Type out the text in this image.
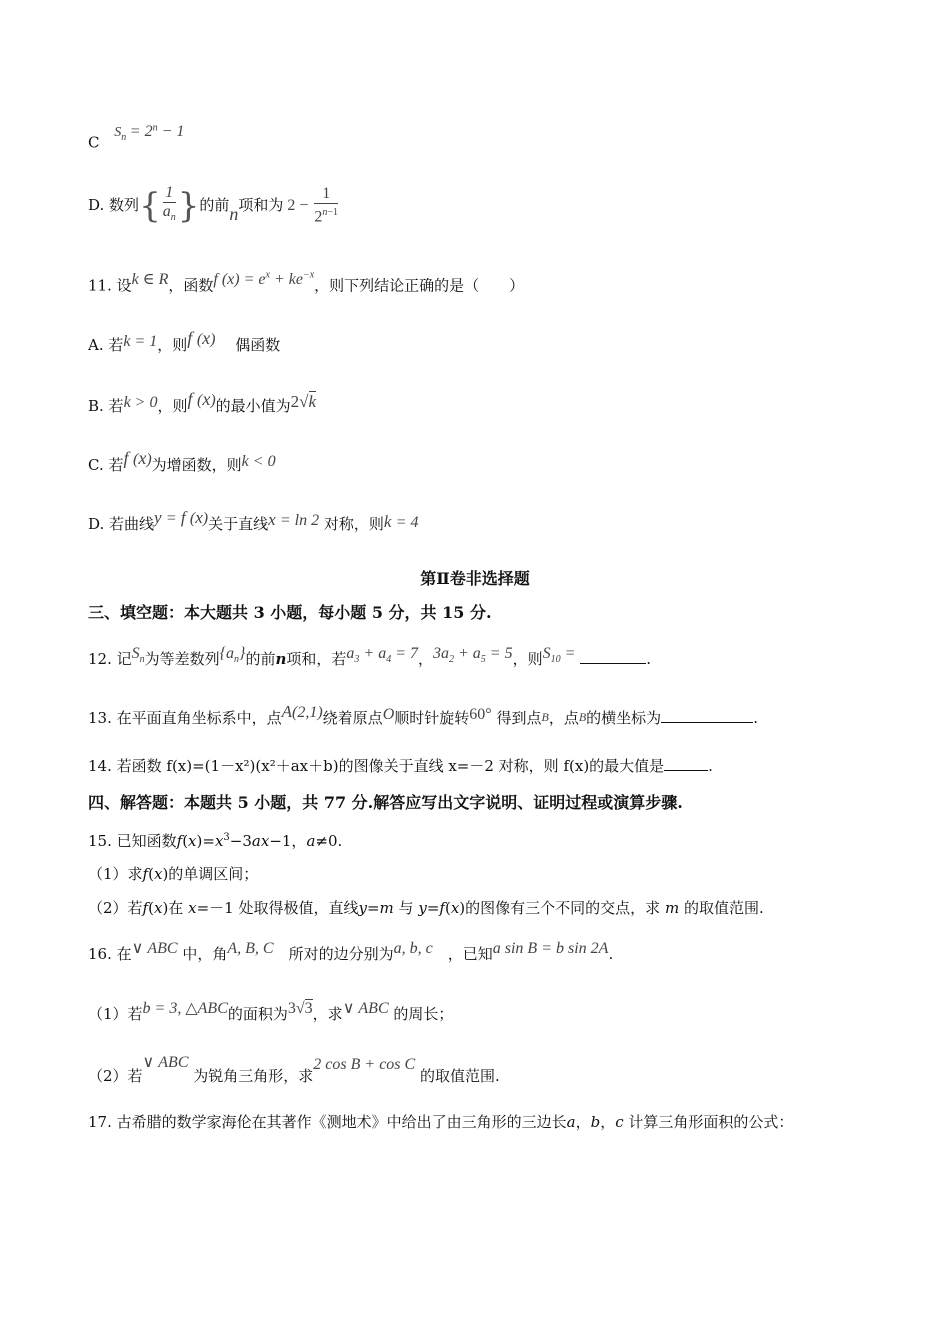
C $S_n = 2^n - 1$
D. 数列{ $\frac{1}{a_n}$ }的前n项和为 $2 - \frac{1}{2^{n-1}}$
11. 设k ∈ R，函数f $(x) = e^x + ke^{-x}$，则下列结论正确的是（　　）
A. 若k = 1，则f (x)　 偶函数
B. 若k > 0，则f (x)的最小值为2√k
C. 若f (x)为增函数，则k < 0
D. 若曲线y = f (x)关于直线x = ln 2 对称，则k = 4
第Ⅱ卷非选择题
三、填空题：本大题共 3 小题，每小题 5 分，共 15 分.
12. 记$S_n$为等差数列$\{a_n\}$的前n项和，若$a_3 + a_4 = 7$，$3a_2 + a_5 = 5$，则$S_{10}$ =	.
13. 在平面直角坐标系中，点A(2,1)绕着原点O顺时针旋转60° 得到点B，点B的横坐标为	.
14. 若函数 f(x)=(1－x²)(x²＋ax＋b)的图像关于直线 x=－2 对称，则 f(x)的最大值是	.
四、解答题：本题共 5 小题，共 77 分.解答应写出文字说明、证明过程或演算步骤.
15. 已知函数$f(x)=x^3-3ax-1$，a≠0.
（1）求f(x)的单调区间；
（2）若f(x)在 x=－1 处取得极值，直线y=m 与 y=f(x)的图像有三个不同的交点，求 m 的取值范围.
16. 在∨ ABC 中，角A, B, C　 所对的边分别为a, b, c　 ，已知a sin B = b sin 2A.
（1）若b = 3, △ABC的面积为3√3，求∨ ABC 的周长；
（2）若∨ ABC 为锐角三角形，求2 cos B + cos C 的取值范围.
17. 古希腊的数学家海伦在其著作《测地术》中给出了由三角形的三边长a，b，c 计算三角形面积的公式：
